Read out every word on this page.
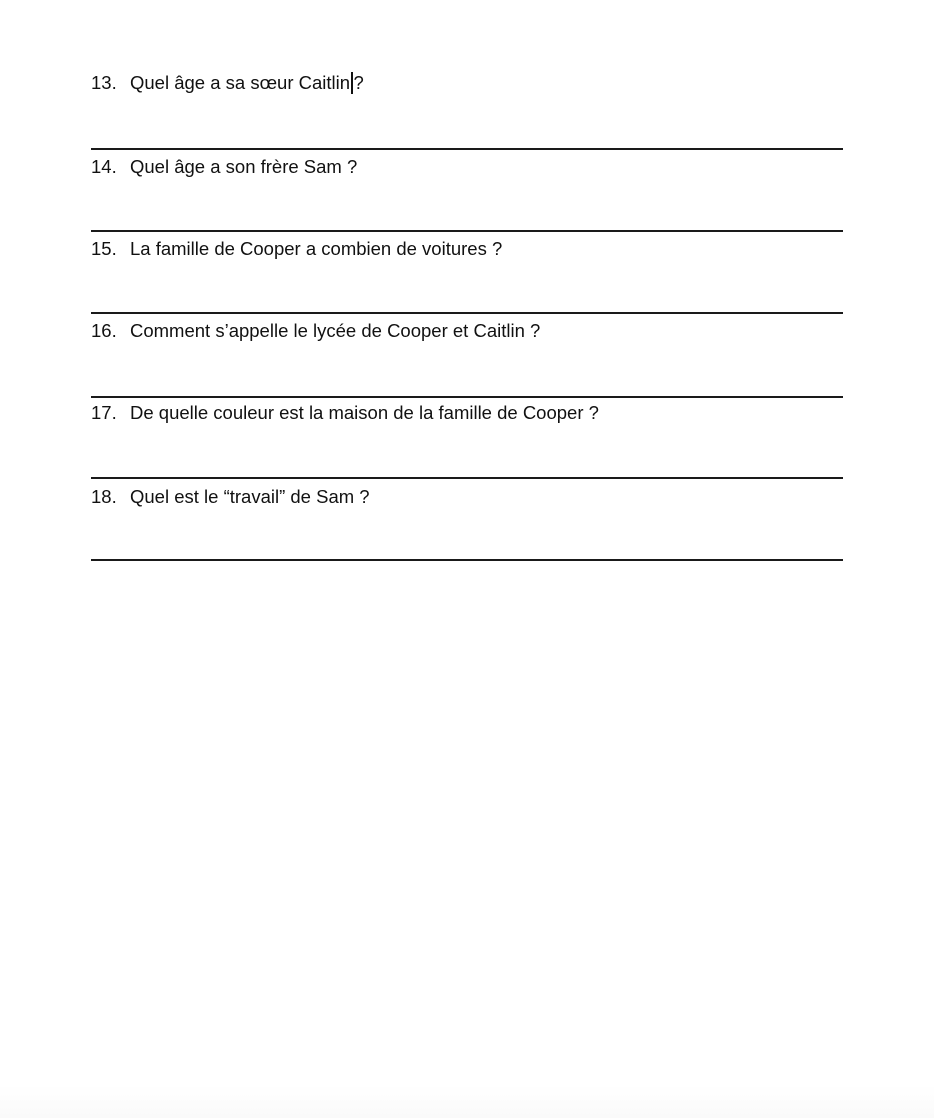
13. Quel âge a sa sœur Caitlin ?
14. Quel âge a son frère Sam ?
15. La famille de Cooper a combien de voitures ?
16. Comment s’appelle le lycée de Cooper et Caitlin ?
17. De quelle couleur est la maison de la famille de Cooper ?
18. Quel est le “travail” de Sam ?
